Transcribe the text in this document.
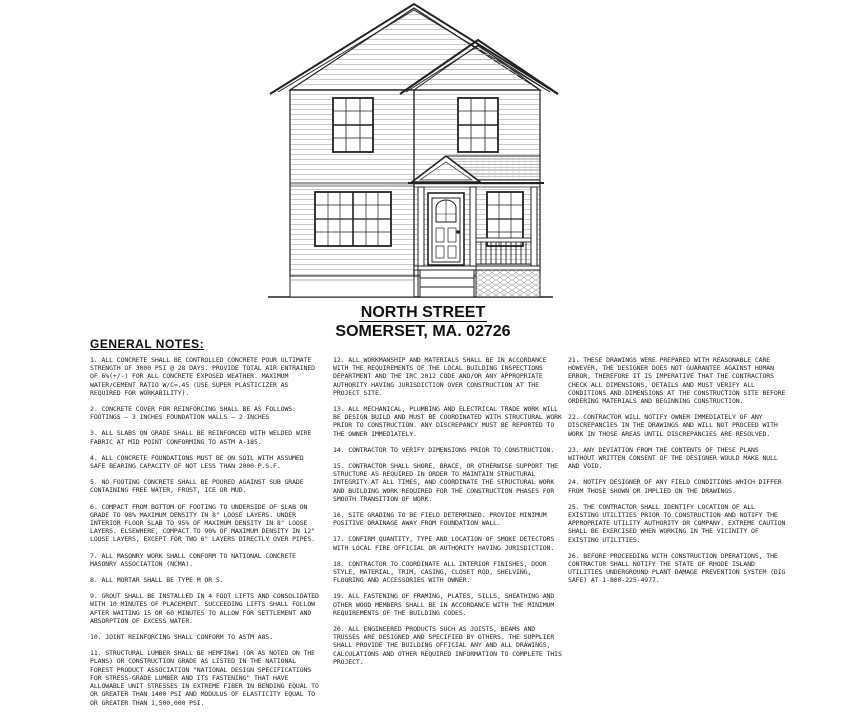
NORTH STREET
SOMERSET, MA. 02726
GENERAL NOTES:
1. ALL CONCRETE SHALL BE CONTROLLED CONCRETE POUR ULTIMATE STRENGTH OF 3000 PSI @ 28 DAYS. PROVIDE TOTAL AIR ENTRAINED OF 6%(+/-) FOR ALL CONCRETE EXPOSED WEATHER. MAXIMUM WATER/CEMENT RATIO W/C=.45 (USE SUPER PLASTICIZER AS REQUIRED FOR WORKABILITY).
2. CONCRETE COVER FOR REINFORCING SHALL BE AS FOLLOWS: FOOTINGS — 3 INCHES FOUNDATION WALLS – 2 INCHES
3. ALL SLABS ON GRADE SHALL BE REINFORCED WITH WELDED WIRE FABRIC AT MID POINT CONFORMING TO ASTM A-185.
4. ALL CONCRETE FOUNDATIONS MUST BE ON SOIL WITH ASSUMED SAFE BEARING CAPACITY OF NOT LESS THAN 2000 P.S.F.
5. NO FOOTING CONCRETE SHALL BE POURED AGAINST SUB GRADE CONTAINING FREE WATER, FROST, ICE OR MUD.
6. COMPACT FROM BOTTOM OF FOOTING TO UNDERSIDE OF SLAB ON GRADE TO 98% MAXIMUM DENSITY IN 8" LOOSE LAYERS. UNDER INTERIOR FLOOR SLAB TO 95% OF MAXIMUM DENSITY IN 8" LOOSE LAYERS. ELSEWHERE, COMPACT TO 90% OF MAXIMUM DENSITY IN 12" LOOSE LAYERS, EXCEPT FOR TWO 6" LAYERS DIRECTLY OVER PIPES.
7. ALL MASONRY WORK SHALL CONFORM TO NATIONAL CONCRETE MASONRY ASSOCIATION (NCMA).
8. ALL MORTAR SHALL BE TYPE M OR S.
9. GROUT SHALL BE INSTALLED IN 4 FOOT LIFTS AND CONSOLIDATED WITH 10 MINUTES OF PLACEMENT. SUCCEEDING LIFTS SHALL FOLLOW AFTER WAITING 15 OR 60 MINUTES TO ALLOW FOR SETTLEMENT AND ABSORPTION OF EXCESS WATER.
10. JOINT REINFORCING SHALL CONFORM TO ASTM A85.
11. STRUCTURAL LUMBER SHALL BE HEMFIR#1 (OR AS NOTED ON THE PLANS) OR CONSTRUCTION GRADE AS LISTED IN THE NATIONAL FOREST PRODUCT ASSOCIATION "NATIONAL DESIGN SPECIFICATIONS FOR STRESS-GRADE LUMBER AND ITS FASTENING" THAT HAVE ALLOWABLE UNIT STRESSES IN EXTREME FIBER IN BENDING EQUAL TO OR GREATER THAN 1400 PSI AND MODULUS OF ELASTICITY EQUAL TO OR GREATER THAN 1,500,000 PSI.
12. ALL WORKMANSHIP AND MATERIALS SHALL BE IN ACCORDANCE WITH THE REQUIREMENTS OF THE LOCAL BUILDING INSPECTIONS DEPARTMENT AND THE IRC 2012 CODE AND/OR ANY APPROPRIATE AUTHORITY HAVING JURISDICTION OVER CONSTRUCTION AT THE PROJECT SITE.
13. ALL MECHANICAL, PLUMBING AND ELECTRICAL TRADE WORK WILL BE DESIGN BUILD AND MUST BE COORDINATED WITH STRUCTURAL WORK PRIOR TO CONSTRUCTION. ANY DISCREPANCY MUST BE REPORTED TO THE OWNER IMMEDIATELY.
14. CONTRACTOR TO VERIFY DIMENSIONS PRIOR TO CONSTRUCTION.
15. CONTRACTOR SHALL SHORE, BRACE, OR OTHERWISE SUPPORT THE STRUCTURE AS REQUIRED IN ORDER TO MAINTAIN STRUCTURAL INTEGRITY AT ALL TIMES, AND COORDINATE THE STRUCTURAL WORK AND BUILDING WORK REQUIRED FOR THE CONSTRUCTION PHASES FOR SMOOTH TRANSITION OF WORK.
16. SITE GRADING TO BE FIELD DETERMINED. PROVIDE MINIMUM POSITIVE DRAINAGE AWAY FROM FOUNDATION WALL.
17. CONFIRM QUANTITY, TYPE AND LOCATION OF SMOKE DETECTORS WITH LOCAL FIRE OFFICIAL OR AUTHORITY HAVING JURISDICTION.
18. CONTRACTOR TO COORDINATE ALL INTERIOR FINISHES, DOOR STYLE, MATERIAL, TRIM, CASING, CLOSET ROD, SHELVING, FLOORING AND ACCESSORIES WITH OWNER.
19. ALL FASTENING OF FRAMING, PLATES, SILLS, SHEATHING AND OTHER WOOD MEMBERS SHALL BE IN ACCORDANCE WITH THE MINIMUM REQUIREMENTS OF THE BUILDING CODES.
20. ALL ENGINEERED PRODUCTS SUCH AS JOISTS, BEAMS AND TRUSSES ARE DESIGNED AND SPECIFIED BY OTHERS. THE SUPPLIER SHALL PROVIDE THE BUILDING OFFICIAL ANY AND ALL DRAWINGS, CALCULATIONS AND OTHER REQUIRED INFORMATION TO COMPLETE THIS PROJECT.
21. THESE DRAWINGS WERE PREPARED WITH REASONABLE CARE HOWEVER, THE DESIGNER DOES NOT GUARANTEE AGAINST HUMAN ERROR, THEREFORE IT IS IMPERATIVE THAT THE CONTRACTORS CHECK ALL DIMENSIONS, DETAILS AND MUST VERIFY ALL CONDITIONS AND DIMENSIONS AT THE CONSTRUCTION SITE BEFORE ORDERING MATERIALS AND BEGINNING CONSTRUCTION.
22. CONTRACTOR WILL NOTIFY OWNER IMMEDIATELY OF ANY DISCREPANCIES IN THE DRAWINGS AND WILL NOT PROCEED WITH WORK IN THOSE AREAS UNTIL DISCREPANCIES ARE RESOLVED.
23. ANY DEVIATION FROM THE CONTENTS OF THESE PLANS WITHOUT WRITTEN CONSENT OF THE DESIGNER WOULD MAKE NULL AND VOID.
24. NOTIFY DESIGNER OF ANY FIELD CONDITIONS WHICH DIFFER FROM THOSE SHOWN OR IMPLIED ON THE DRAWINGS.
25. THE CONTRACTOR SHALL IDENTIFY LOCATION OF ALL EXISTING UTILITIES PRIOR TO CONSTRUCTION AND NOTIFY THE APPROPRIATE UTILITY AUTHORITY OR COMPANY. EXTREME CAUTION SHALL BE EXERCISED WHEN WORKING IN THE VICINITY OF EXISTING UTILITIES.
26. BEFORE PROCEEDING WITH CONSTRUCTION OPERATIONS, THE CONTRACTOR SHALL NOTIFY THE STATE OF RHODE ISLAND UTILITIES UNDERGROUND PLANT DAMAGE PREVENTION SYSTEM (DIG SAFE) AT 1-800-225-4977.
